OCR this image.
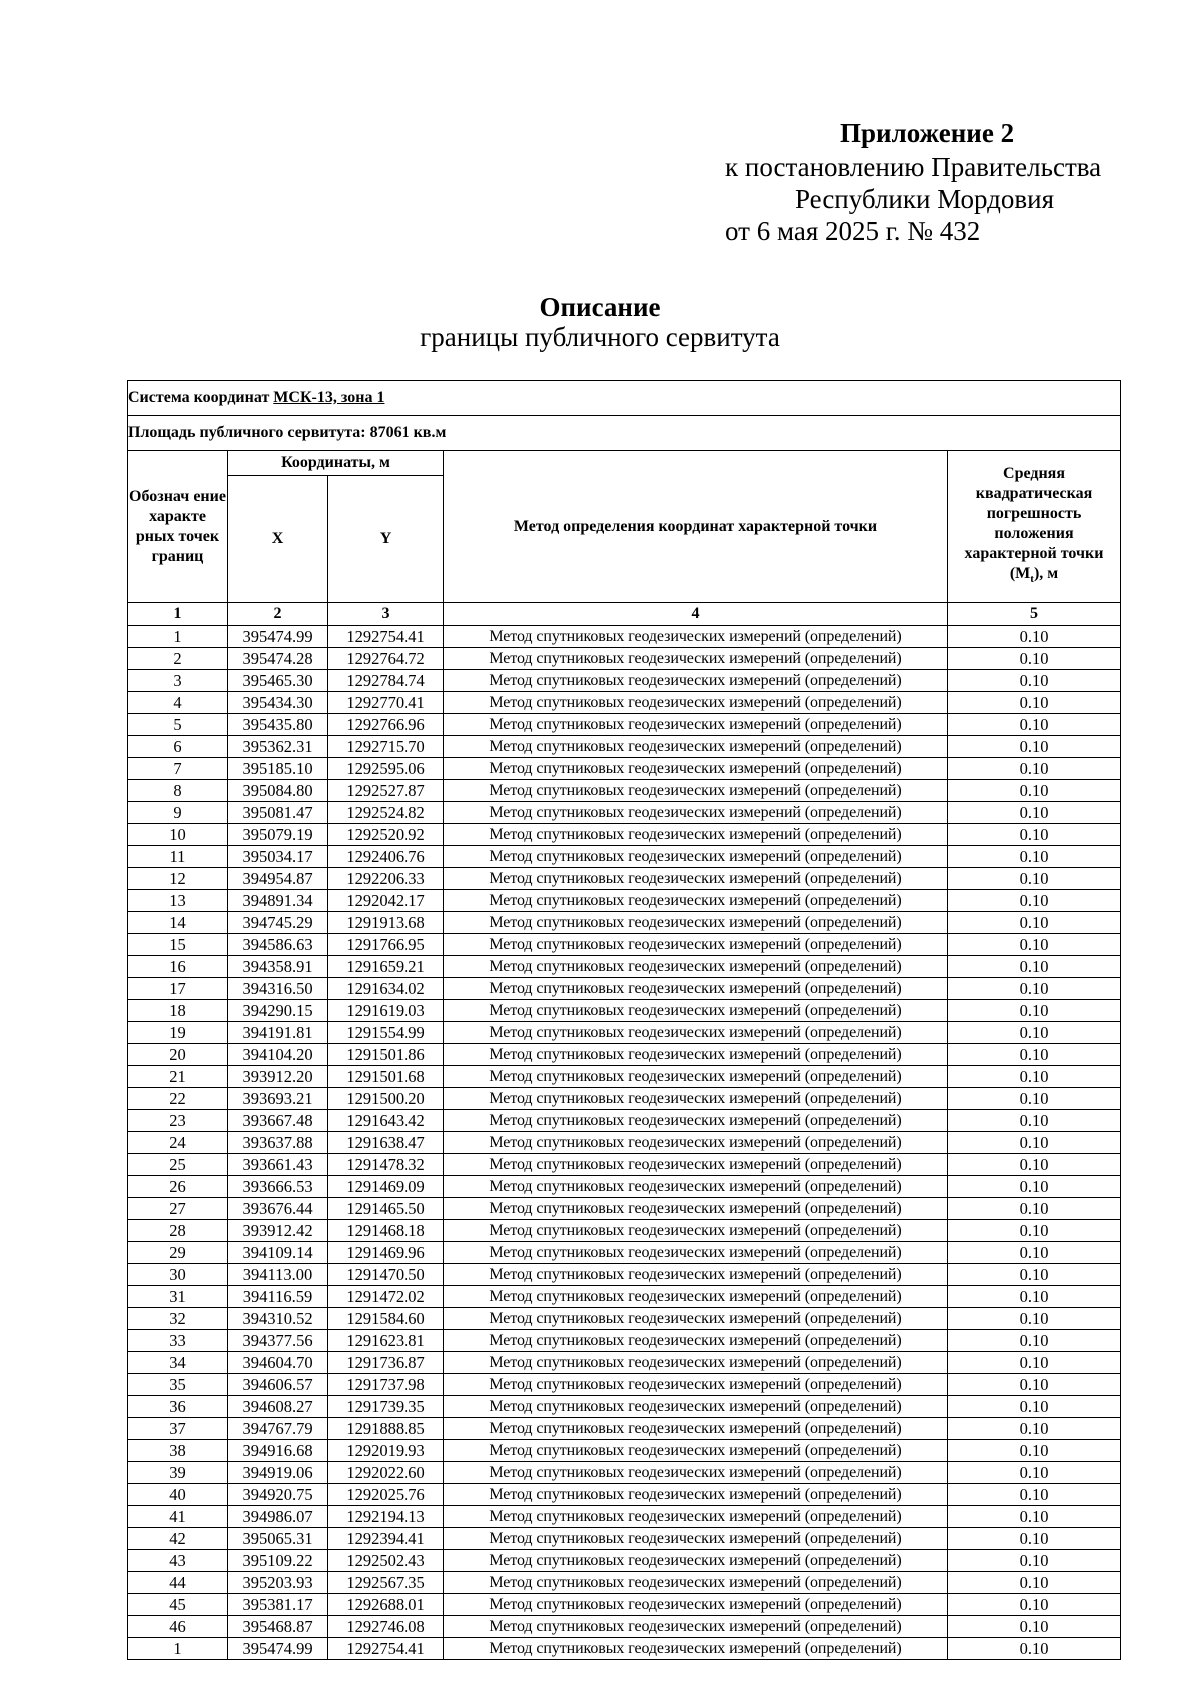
Приложение 2
к постановлению Правительства
Республики Мордовия
от 6 мая 2025 г. № 432
Описание
границы публичного сервитута
Система координат МСК-13, зона 1				
Площадь публичного сервитута: 87061 кв.м				
Обознач ение характе рных точек границ	Координаты, м		Метод определения координат характерной точки	Средняя квадратическая погрешность положения характерной точки $(M_t)$, м
	X	Y		
1	2	3	4	5
1	395474.99	1292754.41	Метод спутниковых геодезических измерений (определений)	0.10
2	395474.28	1292764.72	Метод спутниковых геодезических измерений (определений)	0.10
3	395465.30	1292784.74	Метод спутниковых геодезических измерений (определений)	0.10
4	395434.30	1292770.41	Метод спутниковых геодезических измерений (определений)	0.10
5	395435.80	1292766.96	Метод спутниковых геодезических измерений (определений)	0.10
6	395362.31	1292715.70	Метод спутниковых геодезических измерений (определений)	0.10
7	395185.10	1292595.06	Метод спутниковых геодезических измерений (определений)	0.10
8	395084.80	1292527.87	Метод спутниковых геодезических измерений (определений)	0.10
9	395081.47	1292524.82	Метод спутниковых геодезических измерений (определений)	0.10
10	395079.19	1292520.92	Метод спутниковых геодезических измерений (определений)	0.10
11	395034.17	1292406.76	Метод спутниковых геодезических измерений (определений)	0.10
12	394954.87	1292206.33	Метод спутниковых геодезических измерений (определений)	0.10
13	394891.34	1292042.17	Метод спутниковых геодезических измерений (определений)	0.10
14	394745.29	1291913.68	Метод спутниковых геодезических измерений (определений)	0.10
15	394586.63	1291766.95	Метод спутниковых геодезических измерений (определений)	0.10
16	394358.91	1291659.21	Метод спутниковых геодезических измерений (определений)	0.10
17	394316.50	1291634.02	Метод спутниковых геодезических измерений (определений)	0.10
18	394290.15	1291619.03	Метод спутниковых геодезических измерений (определений)	0.10
19	394191.81	1291554.99	Метод спутниковых геодезических измерений (определений)	0.10
20	394104.20	1291501.86	Метод спутниковых геодезических измерений (определений)	0.10
21	393912.20	1291501.68	Метод спутниковых геодезических измерений (определений)	0.10
22	393693.21	1291500.20	Метод спутниковых геодезических измерений (определений)	0.10
23	393667.48	1291643.42	Метод спутниковых геодезических измерений (определений)	0.10
24	393637.88	1291638.47	Метод спутниковых геодезических измерений (определений)	0.10
25	393661.43	1291478.32	Метод спутниковых геодезических измерений (определений)	0.10
26	393666.53	1291469.09	Метод спутниковых геодезических измерений (определений)	0.10
27	393676.44	1291465.50	Метод спутниковых геодезических измерений (определений)	0.10
28	393912.42	1291468.18	Метод спутниковых геодезических измерений (определений)	0.10
29	394109.14	1291469.96	Метод спутниковых геодезических измерений (определений)	0.10
30	394113.00	1291470.50	Метод спутниковых геодезических измерений (определений)	0.10
31	394116.59	1291472.02	Метод спутниковых геодезических измерений (определений)	0.10
32	394310.52	1291584.60	Метод спутниковых геодезических измерений (определений)	0.10
33	394377.56	1291623.81	Метод спутниковых геодезических измерений (определений)	0.10
34	394604.70	1291736.87	Метод спутниковых геодезических измерений (определений)	0.10
35	394606.57	1291737.98	Метод спутниковых геодезических измерений (определений)	0.10
36	394608.27	1291739.35	Метод спутниковых геодезических измерений (определений)	0.10
37	394767.79	1291888.85	Метод спутниковых геодезических измерений (определений)	0.10
38	394916.68	1292019.93	Метод спутниковых геодезических измерений (определений)	0.10
39	394919.06	1292022.60	Метод спутниковых геодезических измерений (определений)	0.10
40	394920.75	1292025.76	Метод спутниковых геодезических измерений (определений)	0.10
41	394986.07	1292194.13	Метод спутниковых геодезических измерений (определений)	0.10
42	395065.31	1292394.41	Метод спутниковых геодезических измерений (определений)	0.10
43	395109.22	1292502.43	Метод спутниковых геодезических измерений (определений)	0.10
44	395203.93	1292567.35	Метод спутниковых геодезических измерений (определений)	0.10
45	395381.17	1292688.01	Метод спутниковых геодезических измерений (определений)	0.10
46	395468.87	1292746.08	Метод спутниковых геодезических измерений (определений)	0.10
1	395474.99	1292754.41	Метод спутниковых геодезических измерений (определений)	0.10
